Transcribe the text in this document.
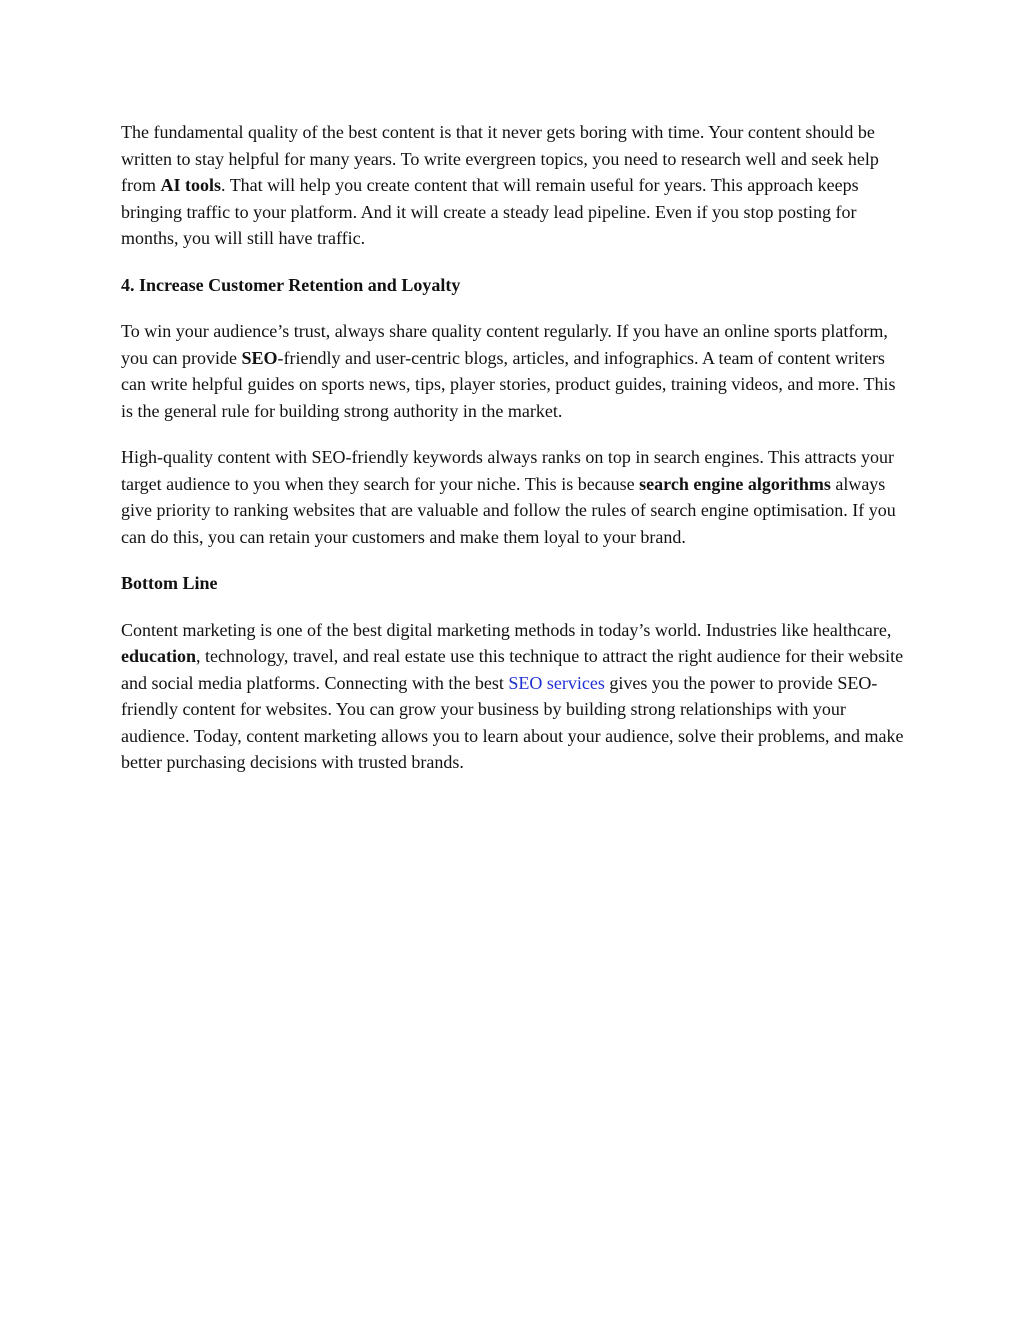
The fundamental quality of the best content is that it never gets boring with time. Your content should be written to stay helpful for many years. To write evergreen topics, you need to research well and seek help from AI tools. That will help you create content that will remain useful for years. This approach keeps bringing traffic to your platform. And it will create a steady lead pipeline. Even if you stop posting for months, you will still have traffic.

4. Increase Customer Retention and Loyalty

To win your audience’s trust, always share quality content regularly. If you have an online sports platform, you can provide SEO-friendly and user-centric blogs, articles, and infographics. A team of content writers can write helpful guides on sports news, tips, player stories, product guides, training videos, and more. This is the general rule for building strong authority in the market.

High-quality content with SEO-friendly keywords always ranks on top in search engines. This attracts your target audience to you when they search for your niche. This is because search engine algorithms always give priority to ranking websites that are valuable and follow the rules of search engine optimisation. If you can do this, you can retain your customers and make them loyal to your brand.

Bottom Line

Content marketing is one of the best digital marketing methods in today’s world. Industries like healthcare, education, technology, travel, and real estate use this technique to attract the right audience for their website and social media platforms. Connecting with the best SEO services gives you the power to provide SEO-friendly content for websites. You can grow your business by building strong relationships with your audience. Today, content marketing allows you to learn about your audience, solve their problems, and make better purchasing decisions with trusted brands.
